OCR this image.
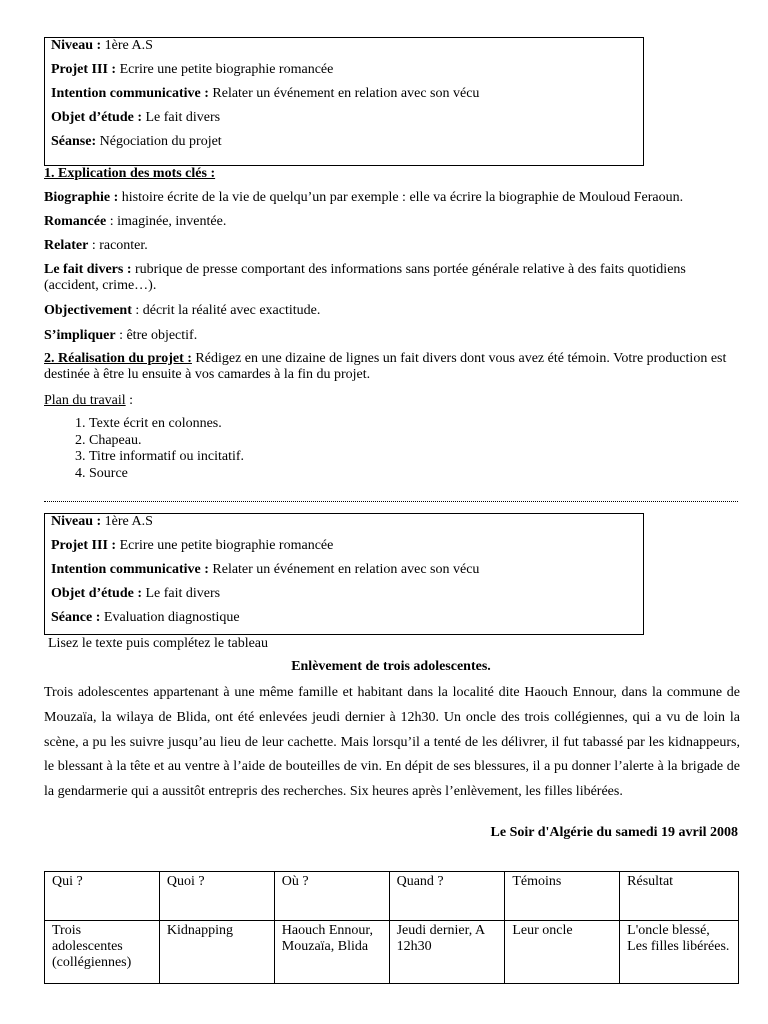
Niveau : 1ère A.S
Projet III : Ecrire une petite biographie romancée
Intention communicative : Relater un événement en relation avec son vécu
Objet d’étude : Le fait divers
Séanse: Négociation du projet
1. Explication des mots clés :

Biographie : histoire écrite de la vie de quelqu’un par exemple : elle va écrire la biographie de Mouloud Feraoun.

Romancée : imaginée, inventée.

Relater : raconter.

Le fait divers : rubrique de presse comportant des informations sans portée générale relative à des faits quotidiens (accident, crime…).

Objectivement : décrit la réalité avec exactitude.

S’impliquer : être objectif.

2. Réalisation du projet : Rédigez en une dizaine de lignes un fait divers dont vous avez été témoin. Votre production est destinée à être lu ensuite à vos camardes à la fin du projet.

Plan du travail :
1. Texte écrit en colonnes.
2. Chapeau.
3. Titre informatif ou incitatif.
4. Source
Niveau : 1ère A.S
Projet III : Ecrire une petite biographie romancée
Intention communicative : Relater un événement en relation avec son vécu
Objet d’étude : Le fait divers
Séance : Evaluation diagnostique
Lisez le texte puis complétez le tableau
Enlèvement de trois adolescentes.
Trois adolescentes appartenant à une même famille et habitant dans la localité dite Haouch Ennour, dans la commune de Mouzaïa, la wilaya de Blida, ont été enlevées jeudi dernier à 12h30. Un oncle des trois collégiennes, qui a vu de loin la scène, a pu les suivre jusqu’au lieu de leur cachette. Mais lorsqu’il a tenté de les délivrer, il fut tabassé par les kidnappeurs, le blessant à la tête et au ventre à l’aide de bouteilles de vin. En dépit de ses blessures, il a pu donner l’alerte à la brigade de la gendarmerie qui a aussitôt entrepris des recherches. Six heures après l’enlèvement, les filles libérées.
Le Soir d'Algérie du samedi 19 avril 2008
Qui ?	Quoi ?	Où ?	Quand ?	Témoins	Résultat
Trois adolescentes (collégiennes)	Kidnapping	Haouch Ennour, Mouzaïa, Blida	Jeudi dernier, A 12h30	Leur oncle	L'oncle blessé, Les filles libérées.
